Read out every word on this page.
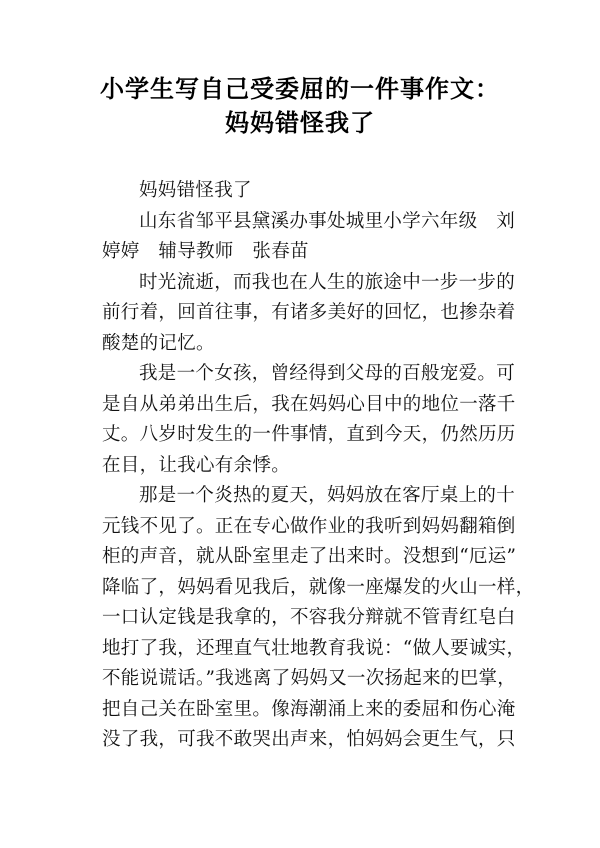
小学生写自己受委屈的一件事作文：
妈妈错怪我了
妈妈错怪我了
山东省邹平县黛溪办事处城里小学六年级　刘
婷婷　辅导教师　张春苗
时光流逝，而我也在人生的旅途中一步一步的
前行着，回首往事，有诸多美好的回忆，也掺杂着
酸楚的记忆。
我是一个女孩，曾经得到父母的百般宠爱。可
是自从弟弟出生后，我在妈妈心目中的地位一落千
丈。八岁时发生的一件事情，直到今天，仍然历历
在目，让我心有余悸。
那是一个炎热的夏天，妈妈放在客厅桌上的十
元钱不见了。正在专心做作业的我听到妈妈翻箱倒
柜的声音，就从卧室里走了出来时。没想到“厄运”
降临了，妈妈看见我后，就像一座爆发的火山一样，
一口认定钱是我拿的，不容我分辩就不管青红皂白
地打了我，还理直气壮地教育我说：“做人要诚实，
不能说谎话。”我逃离了妈妈又一次扬起来的巴掌，
把自己关在卧室里。像海潮涌上来的委屈和伤心淹
没了我，可我不敢哭出声来，怕妈妈会更生气，只
